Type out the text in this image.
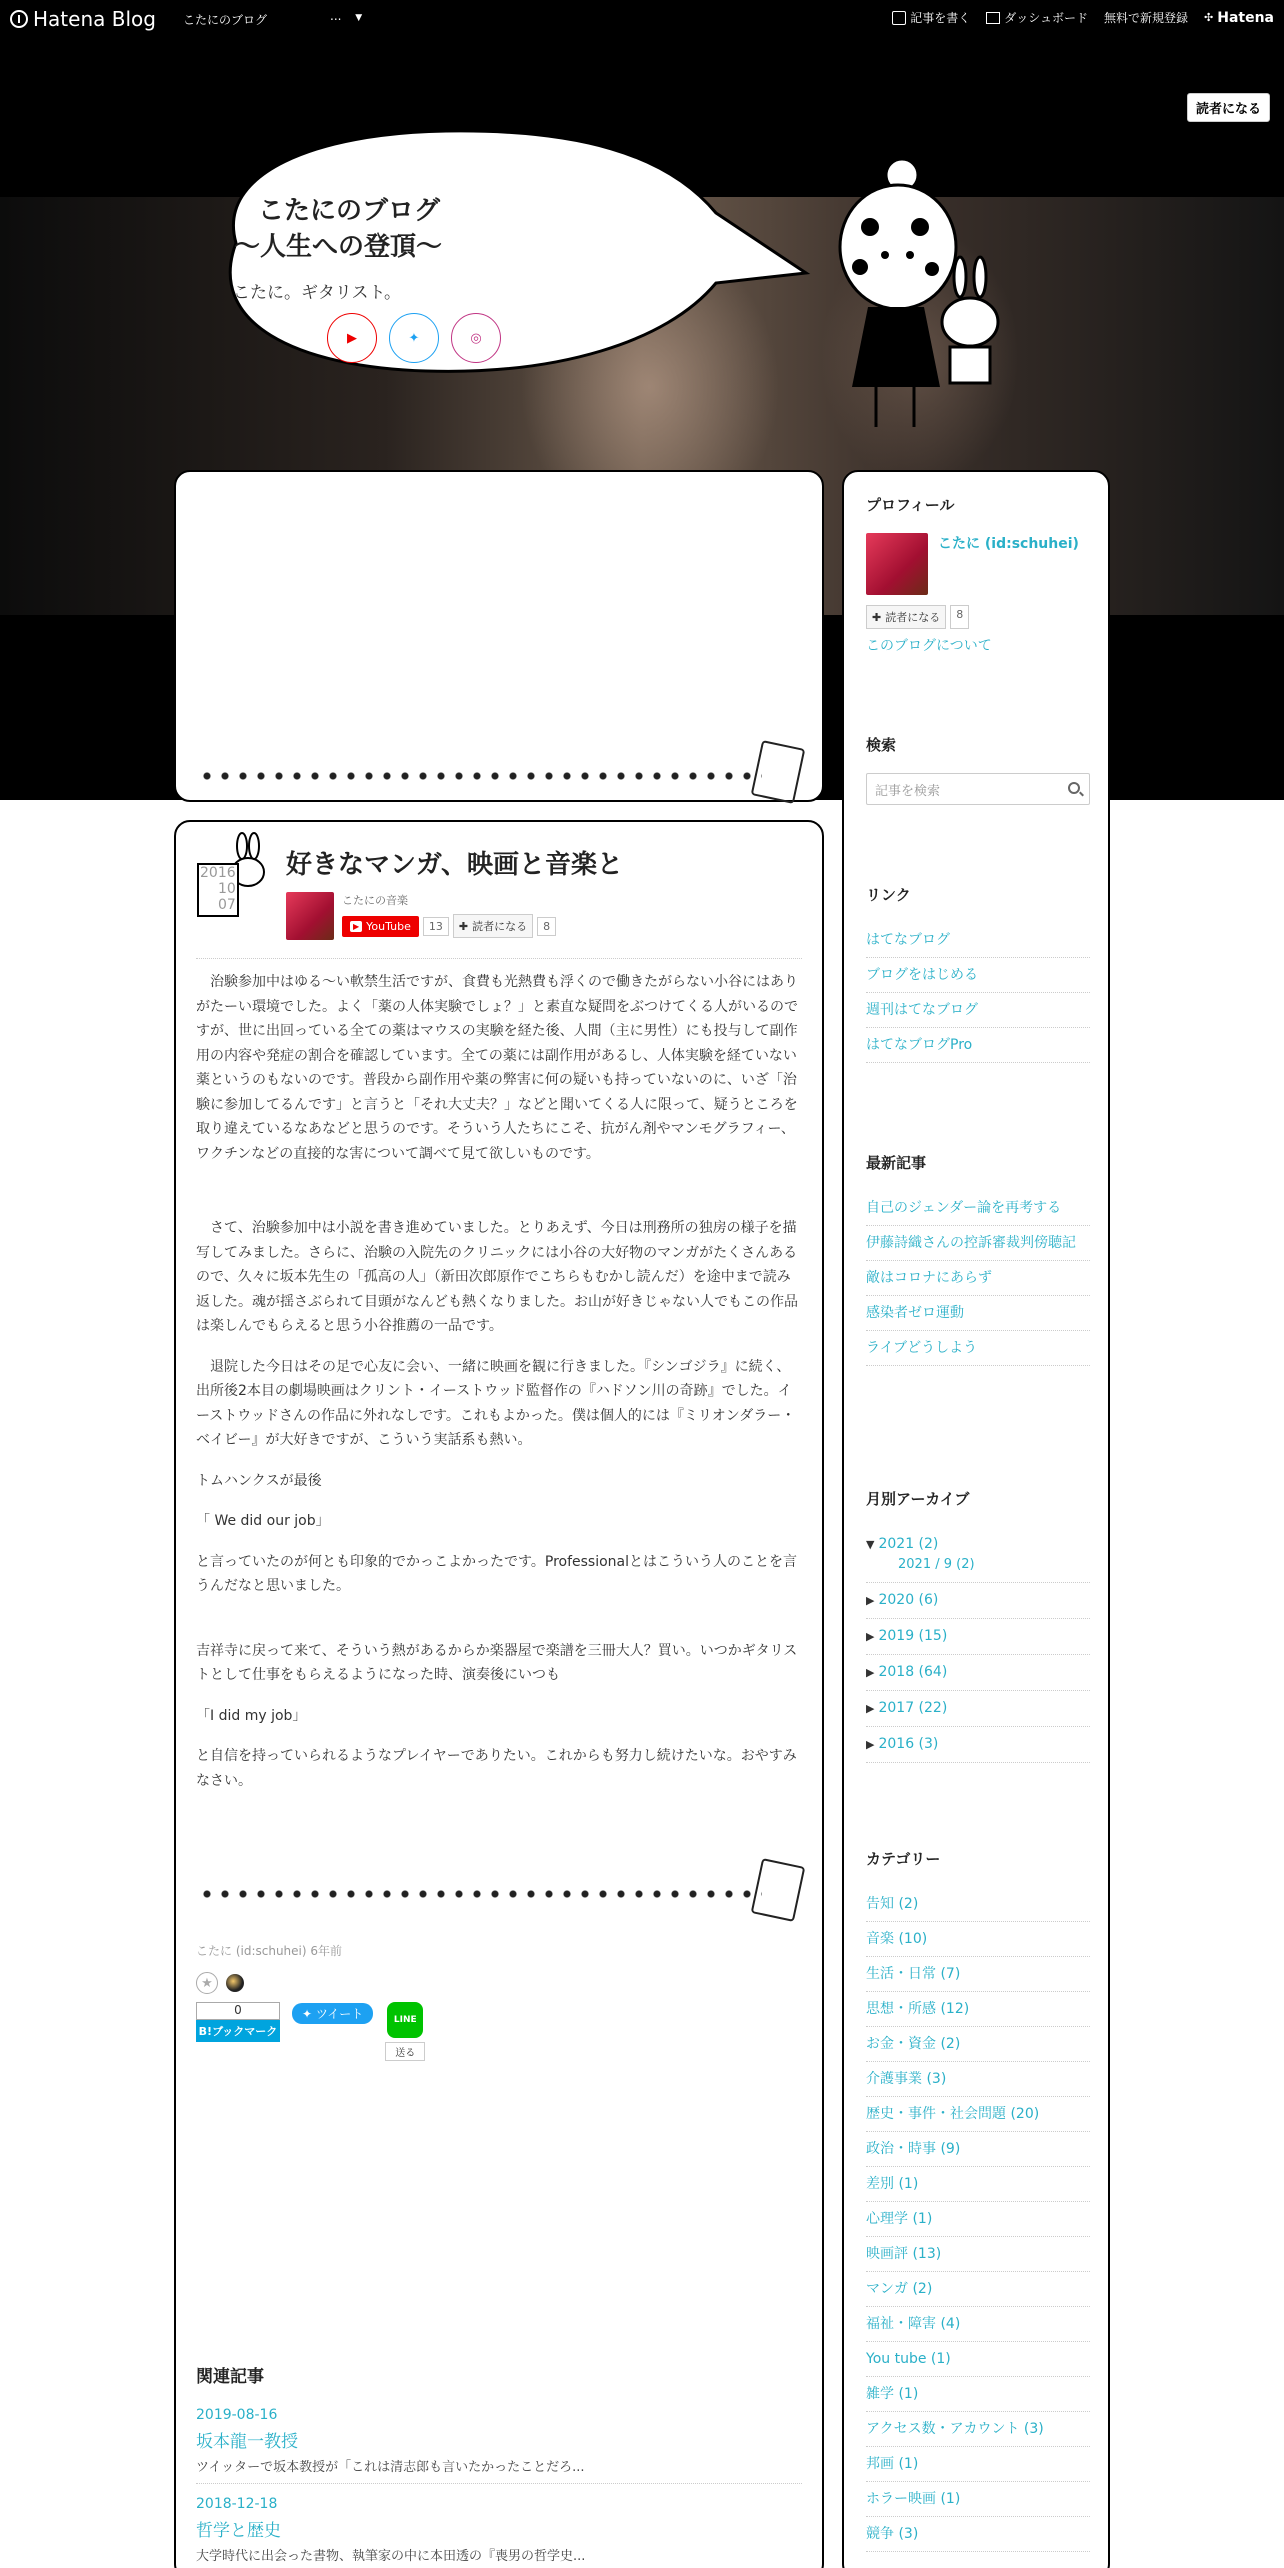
Hatena Blog こたにのブログ	... ▼	記事を書く	ダッシュボード 無料で新規登録 ✣ Hatena
読者になる
こたにのブログ
〜人生への登頂〜
こたに。ギタリスト。
▶	✦	◎
2016
10
07
好きなマンガ、映画と音楽と
こたにの音楽
▶ YouTube	13	✚ 読者になる	8

治験参加中はゆる〜い軟禁生活ですが、食費も光熱費も浮くので働きたがらない小谷にはありがたーい環境でした。よく「薬の人体実験でしょ？」と素直な疑問をぶつけてくる人がいるのですが、世に出回っている全ての薬はマウスの実験を経た後、人間（主に男性）にも投与して副作用の内容や発症の割合を確認しています。全ての薬には副作用があるし、人体実験を経ていない薬というのもないのです。普段から副作用や薬の弊害に何の疑いも持っていないのに、いざ「治験に参加してるんです」と言うと「それ大丈夫？」などと聞いてくる人に限って、疑うところを取り違えているなあなどと思うのです。そういう人たちにこそ、抗がん剤やマンモグラフィー、ワクチンなどの直接的な害について調べて見て欲しいものです。

さて、治験参加中は小説を書き進めていました。とりあえず、今日は刑務所の独房の様子を描写してみました。さらに、治験の入院先のクリニックには小谷の大好物のマンガがたくさんあるので、久々に坂本先生の「孤高の人」（新田次郎原作でこちらもむかし読んだ）を途中まで読み返した。魂が揺さぶられて目頭がなんども熱くなりました。お山が好きじゃない人でもこの作品は楽しんでもらえると思う小谷推薦の一品です。

退院した今日はその足で心友に会い、一緒に映画を観に行きました。『シンゴジラ』に続く、出所後2本目の劇場映画はクリント・イーストウッド監督作の『ハドソン川の奇跡』でした。イーストウッドさんの作品に外れなしです。これもよかった。僕は個人的には『ミリオンダラー・ベイビー』が大好きですが、こういう実話系も熱い。

トムハンクスが最後

「 We did our job」

と言っていたのが何とも印象的でかっこよかったです。Professionalとはこういう人のことを言うんだなと思いました。

吉祥寺に戻って来て、そういう熱があるからか楽器屋で楽譜を三冊大人？買い。いつかギタリストとして仕事をもらえるようになった時、演奏後にいつも

「I did my job」

と自信を持っていられるようなプレイヤーでありたい。これからも努力し続けたいな。おやすみなさい。

こたに (id:schuhei) 6年前
★
0
B!ブックマーク
✦ ツイート	LINE
送る
関連記事
2019-08-16
坂本龍一教授
ツイッターで坂本教授が「これは清志郎も言いたかったことだろ...
2018-12-18
哲学と歴史
大学時代に出会った書物、執筆家の中に本田透の『喪男の哲学史...
プロフィール
こたに (id:schuhei)
✚ 読者になる	8
このブログについて
検索
記事を検索
リンク
はてなブログ
ブログをはじめる
週刊はてなブログ
はてなブログPro
最新記事
自己のジェンダー論を再考する
伊藤詩織さんの控訴審裁判傍聴記
敵はコロナにあらず
感染者ゼロ運動
ライブどうしよう
月別アーカイブ
▼ 2021 (2)
2021 / 9 (2)
▶ 2020 (6)
▶ 2019 (15)
▶ 2018 (64)
▶ 2017 (22)
▶ 2016 (3)
カテゴリー
告知 (2)
音楽 (10)
生活・日常 (7)
思想・所感 (12)
お金・資金 (2)
介護事業 (3)
歴史・事件・社会問題 (20)
政治・時事 (9)
差別 (1)
心理学 (1)
映画評 (13)
マンガ (2)
福祉・障害 (4)
You tube (1)
雑学 (1)
アクセス数・アカウント (3)
邦画 (1)
ホラー映画 (1)
競争 (3)
